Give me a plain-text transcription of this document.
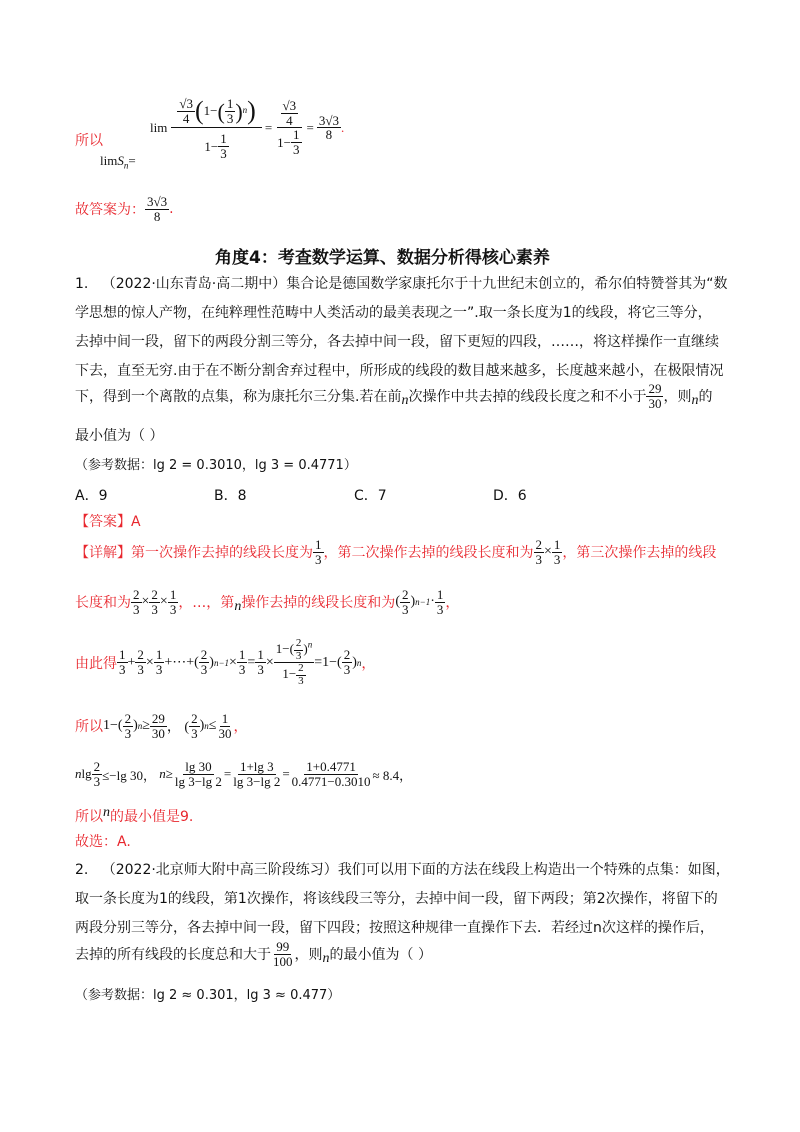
所以
limS$_n$=
lim
$\frac{√3}{4}$ ( 1− ( $\frac{1}{3}$ ) n )
$1- \frac{1}{3}$
= $\frac{\frac{√3}{4}}{1- \frac{1}{3}} = \frac{3√3}{8}$ .
故答案为： $\frac{3√3}{8}$ .
角度4：考查数学运算、数据分析得核心素养
1. （2022·山东青岛·高二期中）集合论是德国数学家康托尔于十九世纪末创立的，希尔伯特赞誉其为“数
学思想的惊人产物，在纯粹理性范畴中人类活动的最美表现之一”.取一条长度为1的线段，将它三等分，
去掉中间一段，留下的两段分割三等分，各去掉中间一段，留下更短的四段，……，将这样操作一直继续
下去，直至无穷.由于在不断分割舍弃过程中，所形成的线段的数目越来越多，长度越来越小，在极限情况
下，得到一个离散的点集，称为康托尔三分集.若在前 n 次操作中共去掉的线段长度之和不小于 $\frac{29}{30}$ ，则 n 的
最小值为（ ）
（参考数据：lg 2 = 0.3010，lg 3 = 0.4771）
A．9	B．8	C．7	D．6
【答案】A
【详解】 第一次操作去掉的线段长度为 $\frac{1}{3}$ ，第二次操作去掉的线段长度和为 $\frac{2}{3} \times \frac{1}{3}$ ，第三次操作去掉的线段
长度和为 $\frac{2}{3} \times \frac{2}{3} \times \frac{1}{3}$ ，…，第 n 操作去掉的线段长度和为 ( $\frac{2}{3}$ ) $n-1 \cdot \frac{1}{3}$ ，
由此得 $\frac{1}{3} + \frac{2}{3} \times \frac{1}{3}$ +⋯+( $\frac{2}{3}$ ) $n-1 \times \frac{1}{3} = \frac{1}{3} \times \frac{1-( \frac{2}{3} )^n}{1- \frac{2}{3}} =1-( \frac{2}{3}$ ) n ，
所以 $1-( \frac{2}{3}$ ) $n \ge \frac{29}{30}$ ， ( $\frac{2}{3}$ ) $n \le \frac{1}{30}$ ，
n $\lg \frac{2}{3} \le-\lg$ 30， $n \ge \frac{\lg 30}{\lg 3-\lg 2} = \frac{1+\lg 3}{\lg 3-\lg 2} = \frac{1+0.4771}{0.4771-0.3010} \approx 8.4$，
所以 n 的最小值是9.
故选：A.
2. （2022·北京师大附中高三阶段练习）我们可以用下面的方法在线段上构造出一个特殊的点集：如图，
取一条长度为1的线段，第1次操作，将该线段三等分，去掉中间一段，留下两段；第2次操作，将留下的
两段分别三等分，各去掉中间一段，留下四段；按照这种规律一直操作下去．若经过n次这样的操作后，
去掉的所有线段的长度总和大于 $\frac{99}{100}$ ，则 n 的最小值为（ ）
（参考数据：lg 2 ≈ 0.301，lg 3 ≈ 0.477）
